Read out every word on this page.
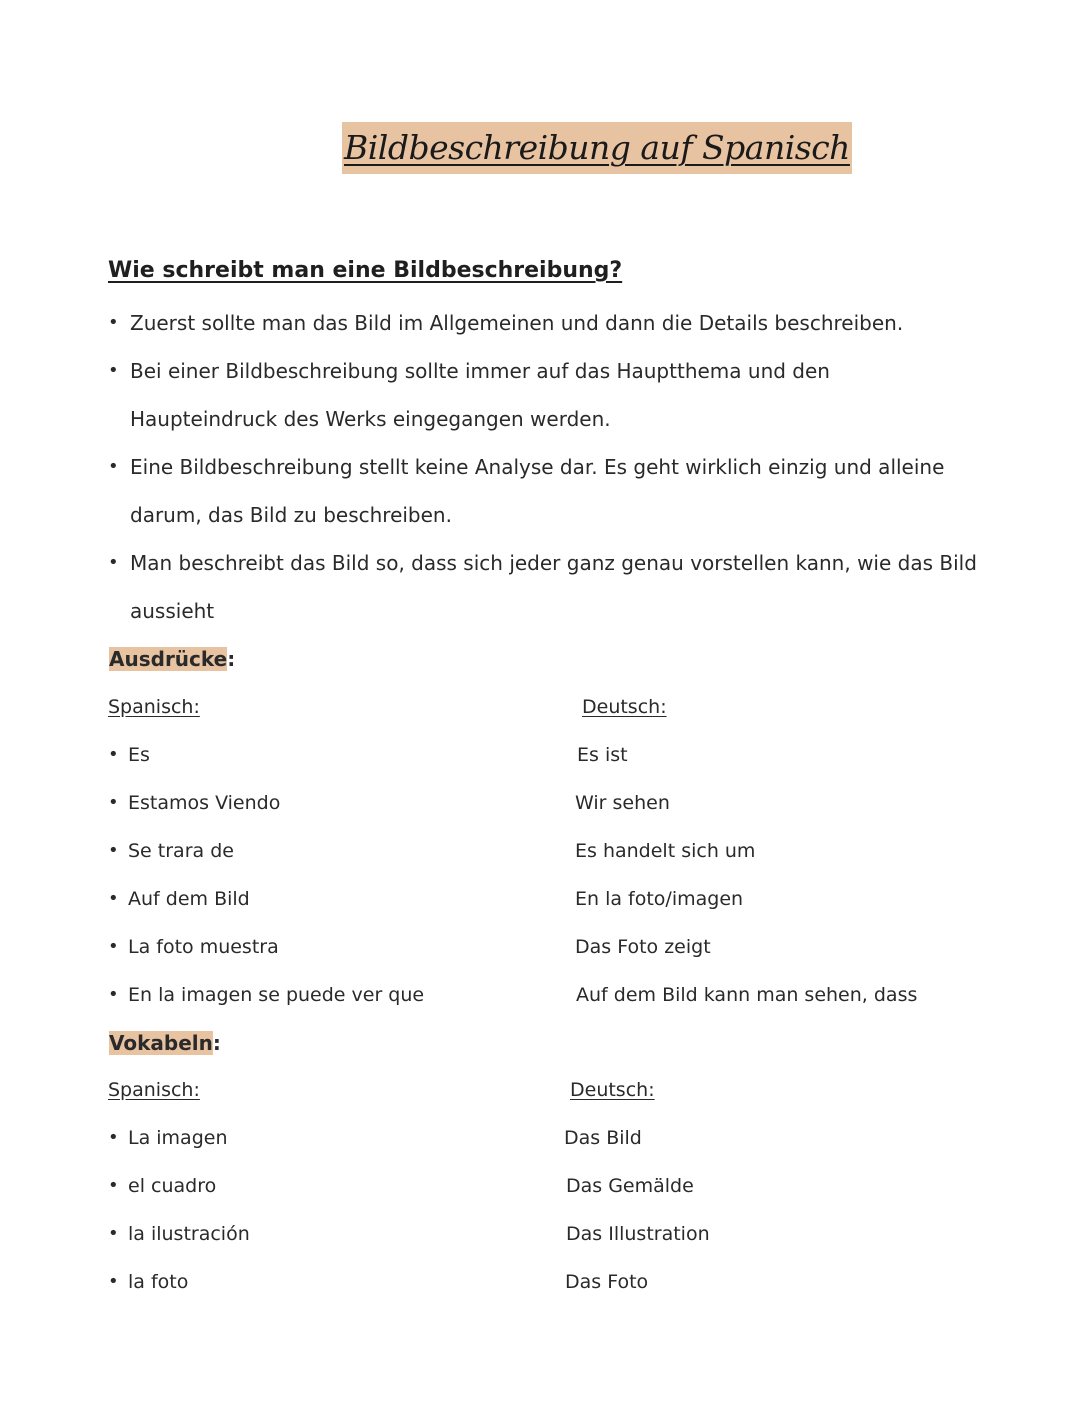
Bildbeschreibung auf Spanisch
Wie schreibt man eine Bildbeschreibung?
• Zuerst sollte man das Bild im Allgemeinen und dann die Details beschreiben.
• Bei einer Bildbeschreibung sollte immer auf das Hauptthema und den Haupteindruck des Werks eingegangen werden.
• Eine Bildbeschreibung stellt keine Analyse dar. Es geht wirklich einzig und alleine darum, das Bild zu beschreiben.
• Man beschreibt das Bild so, dass sich jeder ganz genau vorstellen kann, wie das Bild aussieht
Ausdrücke:
Spanisch:	Deutsch:
• Es	Es ist
• Estamos Viendo	Wir sehen
• Se trara de	Es handelt sich um
• Auf dem Bild	En la foto/imagen
• La foto muestra	Das Foto zeigt
• En la imagen se puede ver que	Auf dem Bild kann man sehen, dass
Vokabeln:
Spanisch:	Deutsch:
• La imagen	Das Bild
• el cuadro	Das Gemälde
• la ilustración	Das Illustration
• la foto	Das Foto
